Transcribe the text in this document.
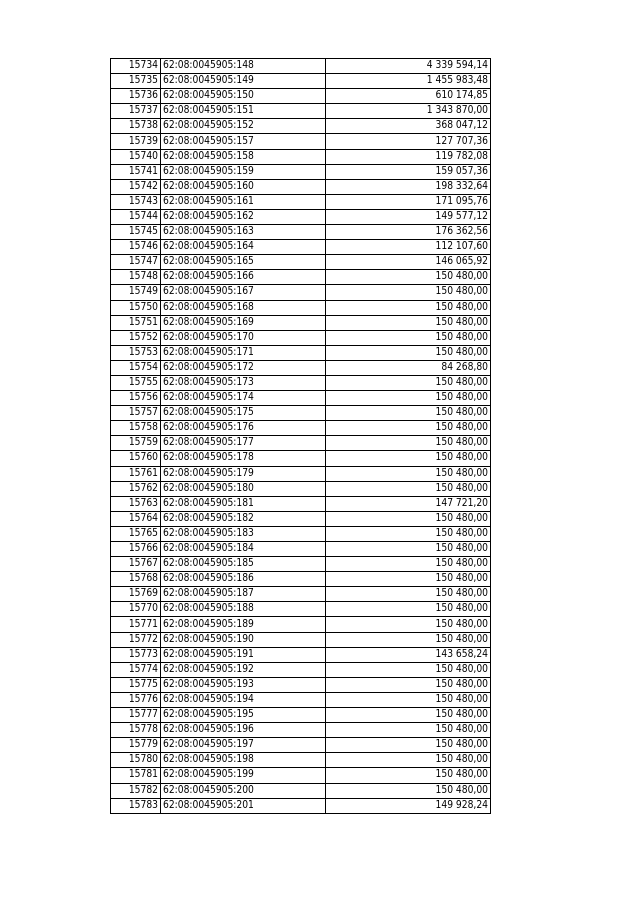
15734	62:08:0045905:148	4 339 594,14
15735	62:08:0045905:149	1 455 983,48
15736	62:08:0045905:150	610 174,85
15737	62:08:0045905:151	1 343 870,00
15738	62:08:0045905:152	368 047,12
15739	62:08:0045905:157	127 707,36
15740	62:08:0045905:158	119 782,08
15741	62:08:0045905:159	159 057,36
15742	62:08:0045905:160	198 332,64
15743	62:08:0045905:161	171 095,76
15744	62:08:0045905:162	149 577,12
15745	62:08:0045905:163	176 362,56
15746	62:08:0045905:164	112 107,60
15747	62:08:0045905:165	146 065,92
15748	62:08:0045905:166	150 480,00
15749	62:08:0045905:167	150 480,00
15750	62:08:0045905:168	150 480,00
15751	62:08:0045905:169	150 480,00
15752	62:08:0045905:170	150 480,00
15753	62:08:0045905:171	150 480,00
15754	62:08:0045905:172	84 268,80
15755	62:08:0045905:173	150 480,00
15756	62:08:0045905:174	150 480,00
15757	62:08:0045905:175	150 480,00
15758	62:08:0045905:176	150 480,00
15759	62:08:0045905:177	150 480,00
15760	62:08:0045905:178	150 480,00
15761	62:08:0045905:179	150 480,00
15762	62:08:0045905:180	150 480,00
15763	62:08:0045905:181	147 721,20
15764	62:08:0045905:182	150 480,00
15765	62:08:0045905:183	150 480,00
15766	62:08:0045905:184	150 480,00
15767	62:08:0045905:185	150 480,00
15768	62:08:0045905:186	150 480,00
15769	62:08:0045905:187	150 480,00
15770	62:08:0045905:188	150 480,00
15771	62:08:0045905:189	150 480,00
15772	62:08:0045905:190	150 480,00
15773	62:08:0045905:191	143 658,24
15774	62:08:0045905:192	150 480,00
15775	62:08:0045905:193	150 480,00
15776	62:08:0045905:194	150 480,00
15777	62:08:0045905:195	150 480,00
15778	62:08:0045905:196	150 480,00
15779	62:08:0045905:197	150 480,00
15780	62:08:0045905:198	150 480,00
15781	62:08:0045905:199	150 480,00
15782	62:08:0045905:200	150 480,00
15783	62:08:0045905:201	149 928,24
